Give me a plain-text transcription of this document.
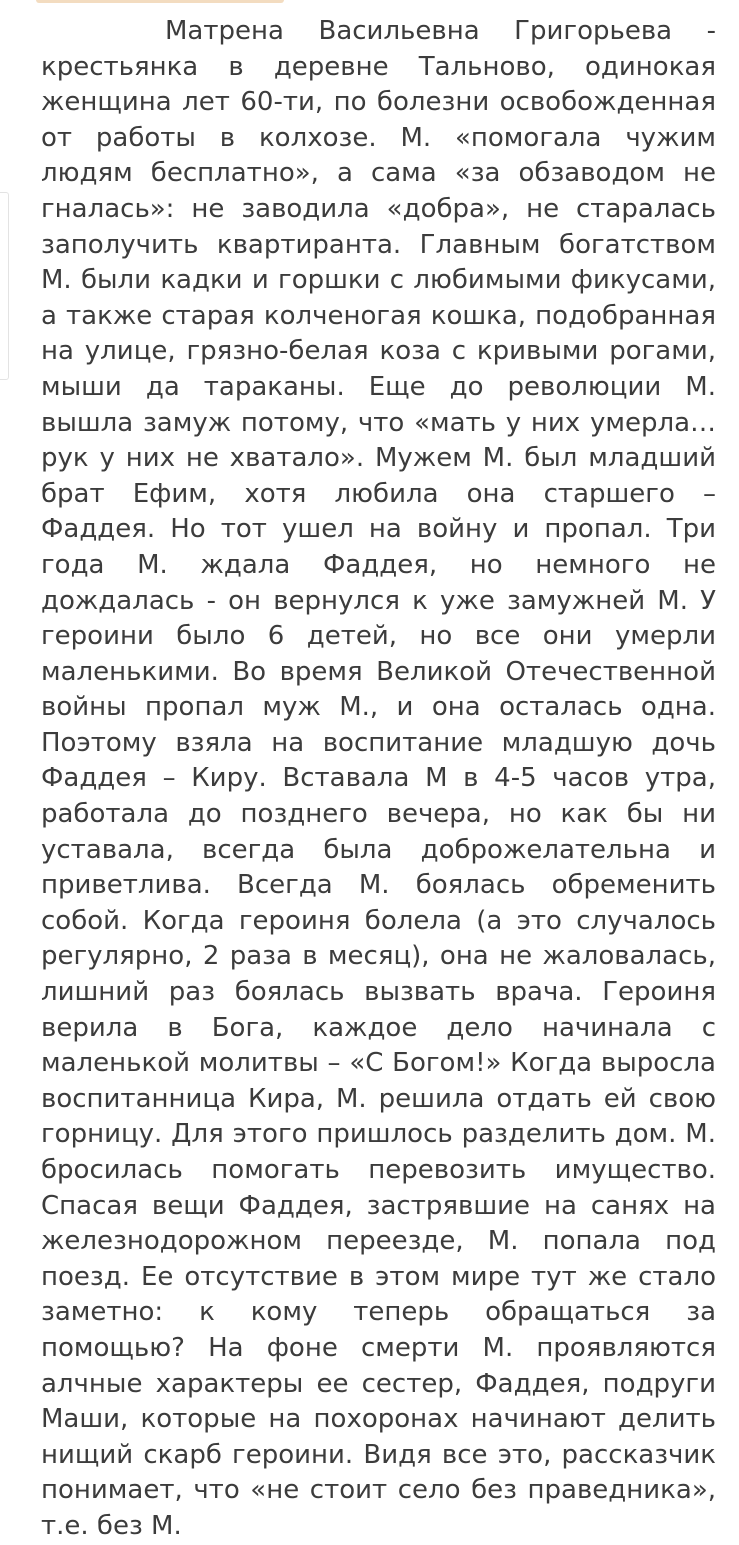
Матрена Васильевна Григорьева - крестьянка в деревне Тальново, одинокая женщина лет 60-ти, по болезни освобожденная от работы в колхозе. М. «помогала чужим людям бесплатно», а сама «за обзаводом не гналась»: не заводила «добра», не старалась заполучить квартиранта. Главным богатством М. были кадки и горшки с любимыми фикусами, а также старая колченогая кошка, подобранная на улице, грязно-белая коза с кривыми рогами, мыши да тараканы. Еще до революции М. вышла замуж потому, что «мать у них умерла…рук у них не хватало». Мужем М. был младший брат Ефим, хотя любила она старшего – Фаддея. Но тот ушел на войну и пропал. Три года М. ждала Фаддея, но немного не дождалась - он вернулся к уже замужней М. У героини было 6 детей, но все они умерли маленькими. Во время Великой Отечественной войны пропал муж М., и она осталась одна. Поэтому взяла на воспитание младшую дочь Фаддея – Киру. Вставала М в 4-5 часов утра, работала до позднего вечера, но как бы ни уставала, всегда была доброжелательна и приветлива. Всегда М. боялась обременить собой. Когда героиня болела (а это случалось регулярно, 2 раза в месяц), она не жаловалась, лишний раз боялась вызвать врача. Героиня верила в Бога, каждое дело начинала с маленькой молитвы – «С Богом!» Когда выросла воспитанница Кира, М. решила отдать ей свою горницу. Для этого пришлось разделить дом. М. бросилась помогать перевозить имущество. Спасая вещи Фаддея, застрявшие на санях на железнодорожном переезде, М. попала под поезд. Ее отсутствие в этом мире тут же стало заметно: к кому теперь обращаться за помощью? На фоне смерти М. проявляются алчные характеры ее сестер, Фаддея, подруги Маши, которые на похоронах начинают делить нищий скарб героини. Видя все это, рассказчик понимает, что «не стоит село без праведника», т.е. без М.
